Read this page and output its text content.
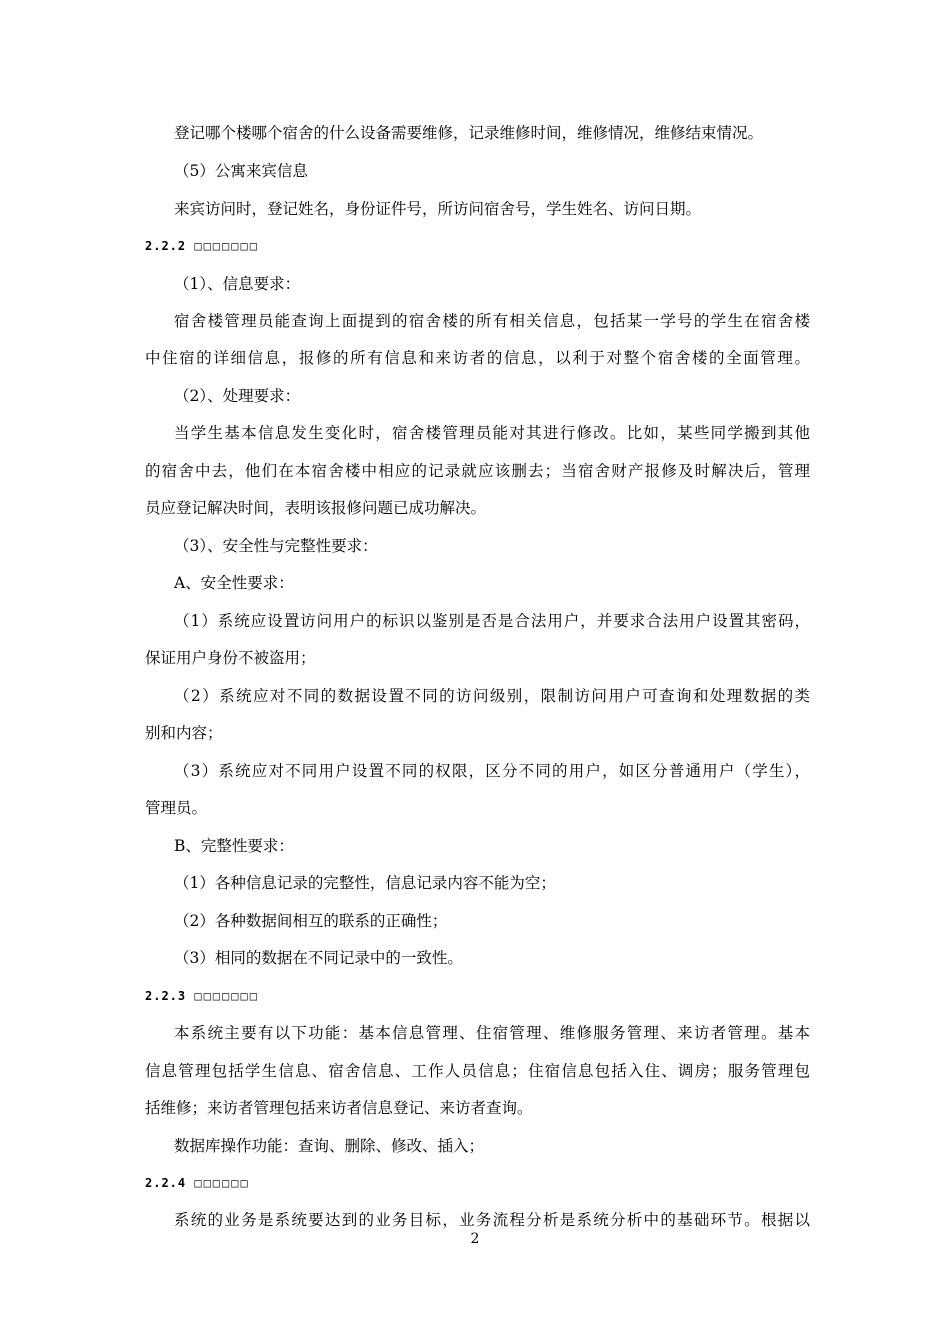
登记哪个楼哪个宿舍的什么设备需要维修，记录维修时间，维修情况，维修结束情况。
（5）公寓来宾信息
来宾访问时，登记姓名，身份证件号，所访问宿舍号，学生姓名、访问日期。
2.2.2 □□□□□□□
（1）、信息要求：
宿舍楼管理员能查询上面提到的宿舍楼的所有相关信息，包括某一学号的学生在宿舍楼
中住宿的详细信息，报修的所有信息和来访者的信息，以利于对整个宿舍楼的全面管理。
（2）、处理要求：
当学生基本信息发生变化时，宿舍楼管理员能对其进行修改。比如，某些同学搬到其他
的宿舍中去，他们在本宿舍楼中相应的记录就应该删去；当宿舍财产报修及时解决后，管理
员应登记解决时间，表明该报修问题已成功解决。
（3）、安全性与完整性要求：
A、安全性要求：
（1）系统应设置访问用户的标识以鉴别是否是合法用户，并要求合法用户设置其密码，
保证用户身份不被盗用；
（2）系统应对不同的数据设置不同的访问级别，限制访问用户可查询和处理数据的类
别和内容；
（3）系统应对不同用户设置不同的权限，区分不同的用户，如区分普通用户（学生），
管理员。
B、完整性要求：
（1）各种信息记录的完整性，信息记录内容不能为空；
（2）各种数据间相互的联系的正确性；
（3）相同的数据在不同记录中的一致性。
2.2.3 □□□□□□□
本系统主要有以下功能：基本信息管理、住宿管理、维修服务管理、来访者管理。基本
信息管理包括学生信息、宿舍信息、工作人员信息；住宿信息包括入住、调房；服务管理包
括维修；来访者管理包括来访者信息登记、来访者查询。
数据库操作功能：查询、删除、修改、插入；
2.2.4 □□□□□□
系统的业务是系统要达到的业务目标，业务流程分析是系统分析中的基础环节。根据以
2
